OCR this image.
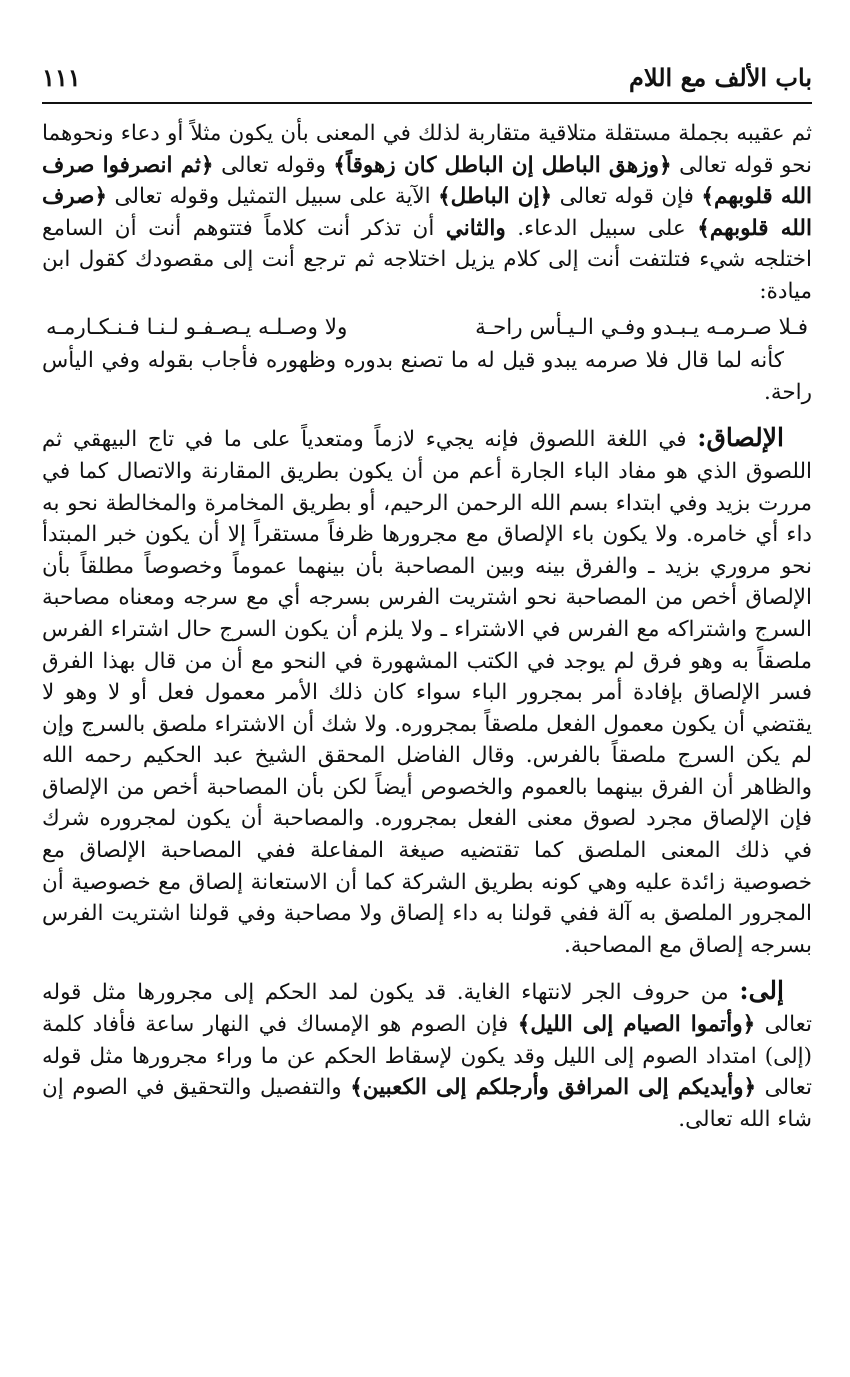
باب الألف مع اللام
١١١

ثم عقيبه بجملة مستقلة متلاقية متقاربة لذلك في المعنى بأن يكون مثلاً أو دعاء ونحوهما نحو قوله تعالى ﴿وزهق الباطل إن الباطل كان زهوقاً﴾ وقوله تعالى ﴿ثم انصرفوا صرف الله قلوبهم﴾ فإن قوله تعالى ﴿إن الباطل﴾ الآية على سبيل التمثيل وقوله تعالى ﴿صرف الله قلوبهم﴾ على سبيل الدعاء. والثاني أن تذكر أنت كلاماً فتتوهم أنت أن السامع اختلجه شيء فتلتفت أنت إلى كلام يزيل اختلاجه ثم ترجع أنت إلى مقصودك كقول ابن ميادة:

فـلا صـرمـه يـبـدو وفـي الـيـأس راحـة
ولا وصـلـه يـصـفـو لـنـا فـنـكـارمـه

كأنه لما قال فلا صرمه يبدو قيل له ما تصنع بدوره وظهوره فأجاب بقوله وفي اليأس راحة.

الإلصاق: في اللغة اللصوق فإنه يجيء لازماً ومتعدياً على ما في تاج البيهقي ثم اللصوق الذي هو مفاد الباء الجارة أعم من أن يكون بطريق المقارنة والاتصال كما في مررت بزيد وفي ابتداء بسم الله الرحمن الرحيم، أو بطريق المخامرة والمخالطة نحو به داء أي خامره. ولا يكون باء الإلصاق مع مجرورها ظرفاً مستقراً إلا أن يكون خبر المبتدأ نحو مروري بزيد ـ والفرق بينه وبين المصاحبة بأن بينهما عموماً وخصوصاً مطلقاً بأن الإلصاق أخص من المصاحبة نحو اشتريت الفرس بسرجه أي مع سرجه ومعناه مصاحبة السرج واشتراكه مع الفرس في الاشتراء ـ ولا يلزم أن يكون السرج حال اشتراء الفرس ملصقاً به وهو فرق لم يوجد في الكتب المشهورة في النحو مع أن من قال بهذا الفرق فسر الإلصاق بإفادة أمر بمجرور الباء سواء كان ذلك الأمر معمول فعل أو لا وهو لا يقتضي أن يكون معمول الفعل ملصقاً بمجروره. ولا شك أن الاشتراء ملصق بالسرج وإن لم يكن السرج ملصقاً بالفرس. وقال الفاضل المحقق الشيخ عبد الحكيم رحمه الله والظاهر أن الفرق بينهما بالعموم والخصوص أيضاً لكن بأن المصاحبة أخص من الإلصاق فإن الإلصاق مجرد لصوق معنى الفعل بمجروره. والمصاحبة أن يكون لمجروره شرك في ذلك المعنى الملصق كما تقتضيه صيغة المفاعلة ففي المصاحبة الإلصاق مع خصوصية زائدة عليه وهي كونه بطريق الشركة كما أن الاستعانة إلصاق مع خصوصية أن المجرور الملصق به آلة ففي قولنا به داء إلصاق ولا مصاحبة وفي قولنا اشتريت الفرس بسرجه إلصاق مع المصاحبة.

إلى: من حروف الجر لانتهاء الغاية. قد يكون لمد الحكم إلى مجرورها مثل قوله تعالى ﴿وأتموا الصيام إلى الليل﴾ فإن الصوم هو الإمساك في النهار ساعة فأفاد كلمة (إلى) امتداد الصوم إلى الليل وقد يكون لإسقاط الحكم عن ما وراء مجرورها مثل قوله تعالى ﴿وأيديكم إلى المرافق وأرجلكم إلى الكعبين﴾ والتفصيل والتحقيق في الصوم إن شاء الله تعالى.
